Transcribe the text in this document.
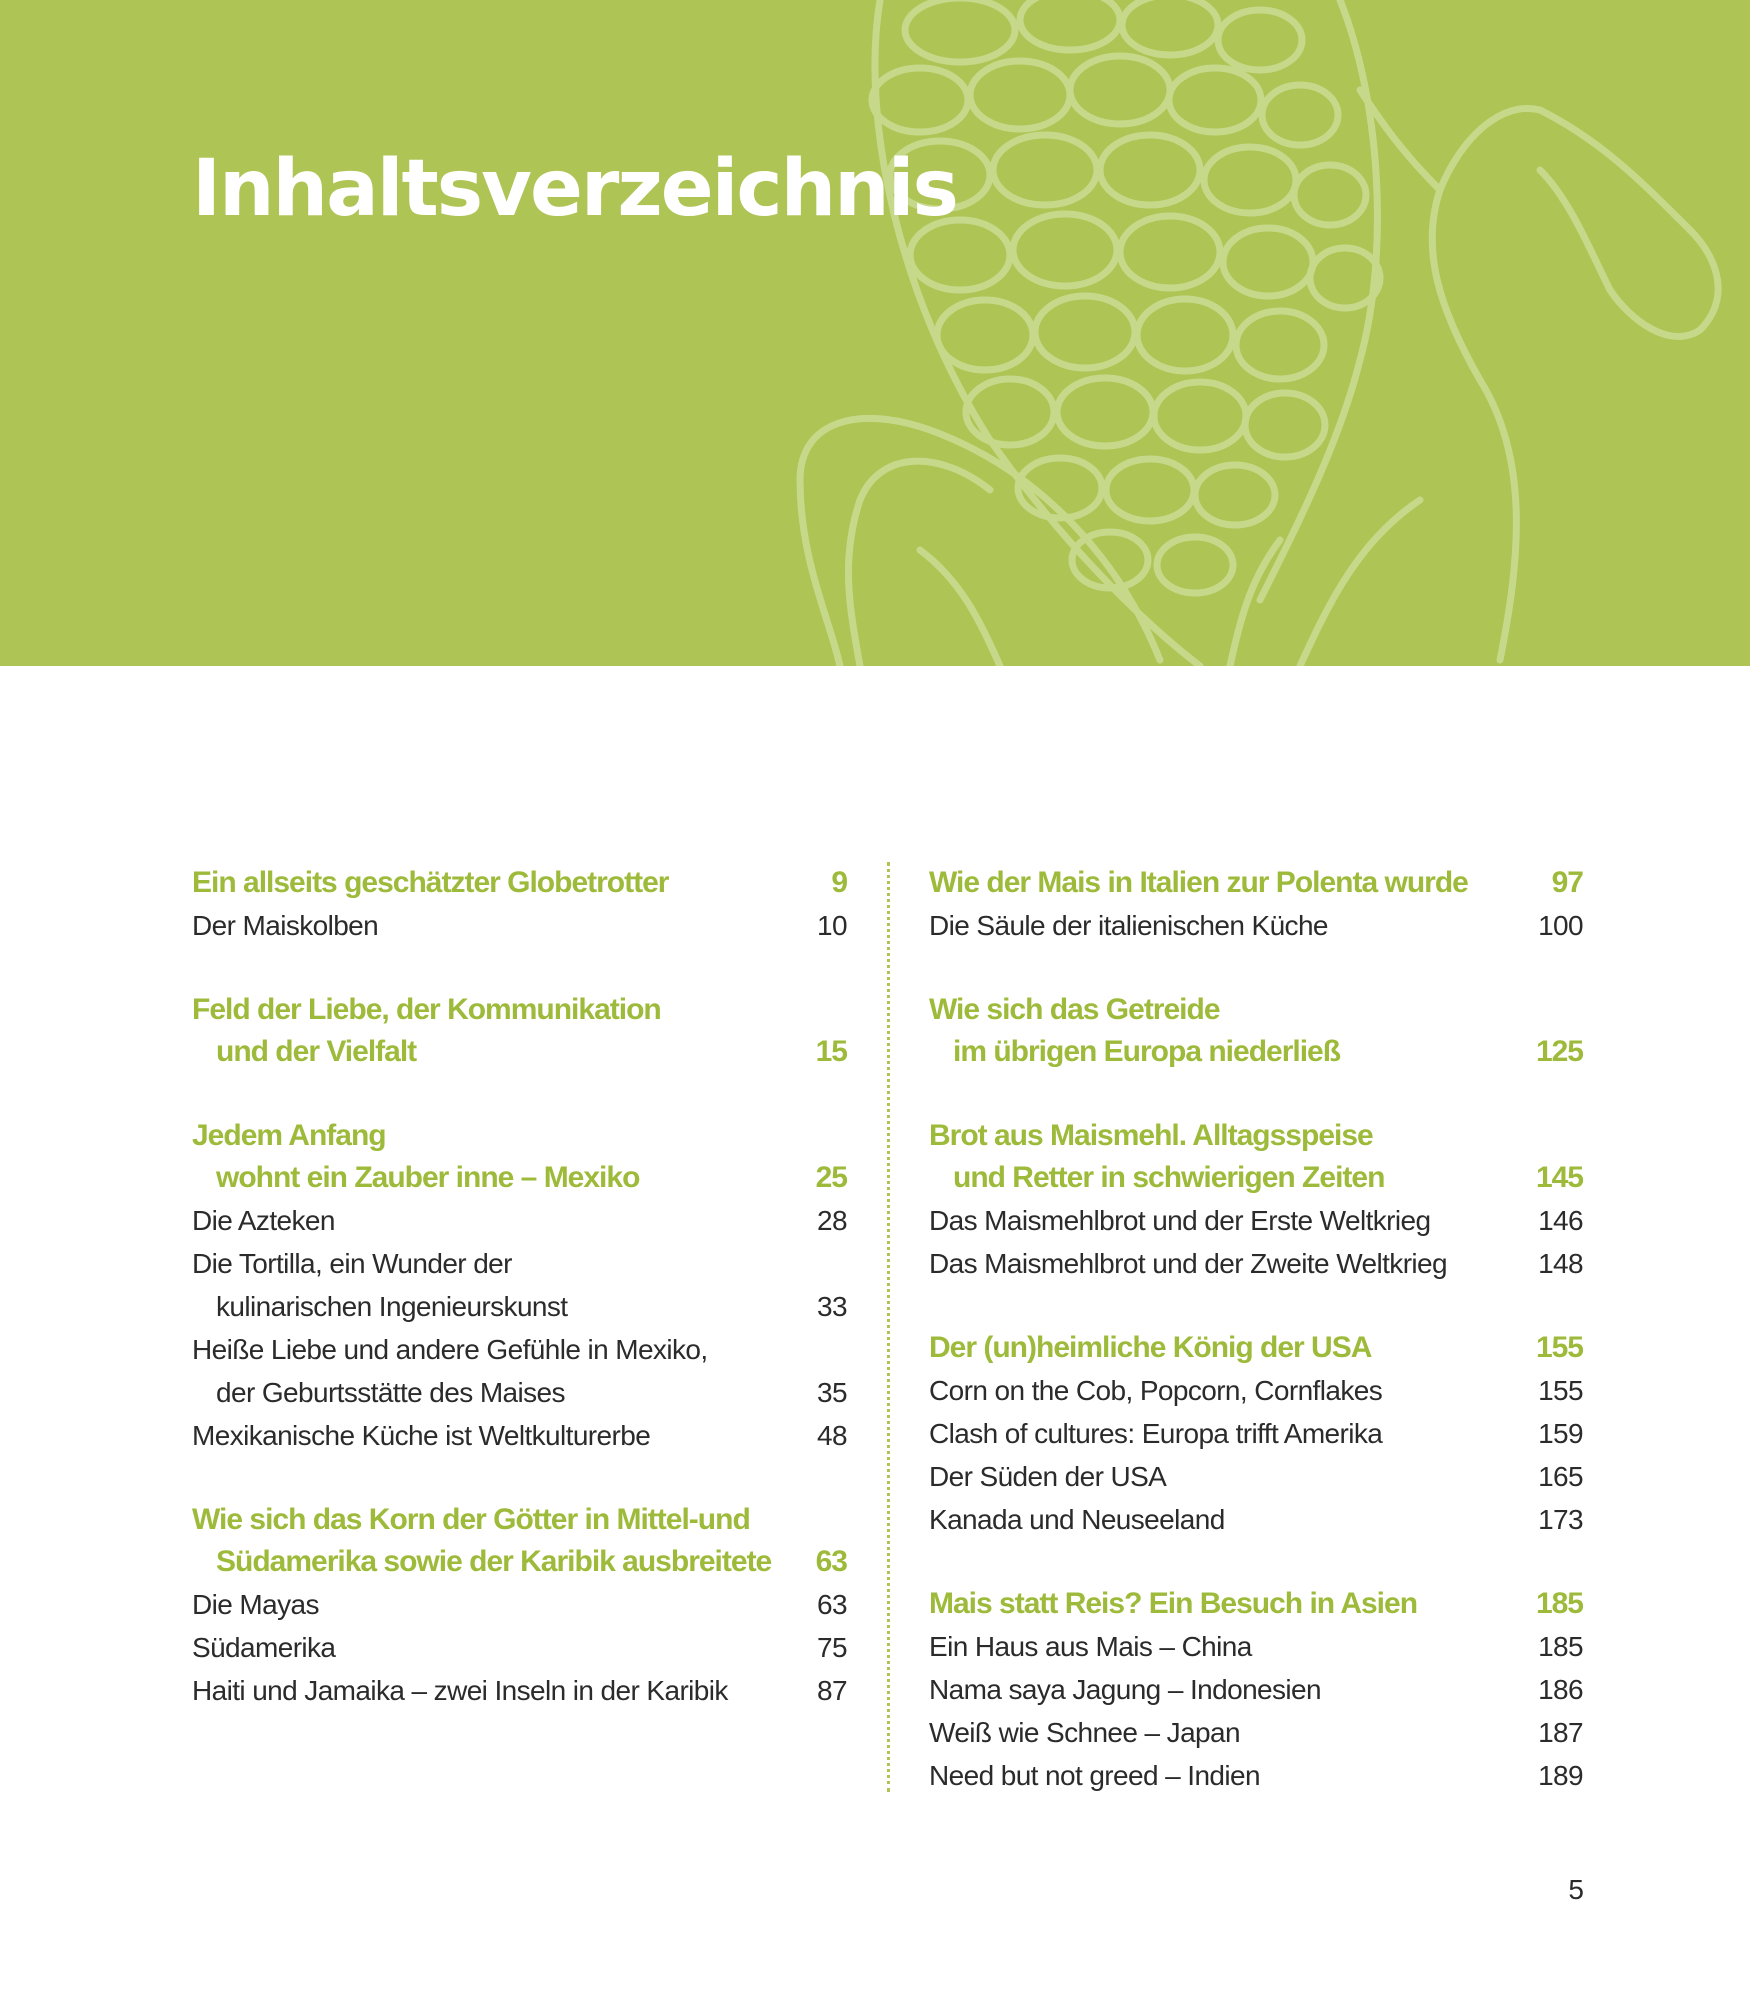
Inhaltsverzeichnis
Ein allseits geschätzter Globetrotter	9
Der Maiskolben	10
Feld der Liebe, der Kommunikation
und der Vielfalt	15
Jedem Anfang
wohnt ein Zauber inne – Mexiko	25
Die Azteken	28
Die Tortilla, ein Wunder der
kulinarischen Ingenieurskunst	33
Heiße Liebe und andere Gefühle in Mexiko,
der Geburtsstätte des Maises	35
Mexikanische Küche ist Weltkulturerbe	48
Wie sich das Korn der Götter in Mittel-und
Südamerika sowie der Karibik ausbreitete	63
Die Mayas	63
Südamerika	75
Haiti und Jamaika – zwei Inseln in der Karibik	87
Wie der Mais in Italien zur Polenta wurde	97
Die Säule der italienischen Küche	100
Wie sich das Getreide
im übrigen Europa niederließ	125
Brot aus Maismehl. Alltagsspeise
und Retter in schwierigen Zeiten	145
Das Maismehlbrot und der Erste Weltkrieg	146
Das Maismehlbrot und der Zweite Weltkrieg	148
Der (un)heimliche König der USA	155
Corn on the Cob, Popcorn, Cornflakes	155
Clash of cultures: Europa trifft Amerika	159
Der Süden der USA	165
Kanada und Neuseeland	173
Mais statt Reis? Ein Besuch in Asien	185
Ein Haus aus Mais – China	185
Nama saya Jagung – Indonesien	186
Weiß wie Schnee – Japan	187
Need but not greed – Indien	189
5
